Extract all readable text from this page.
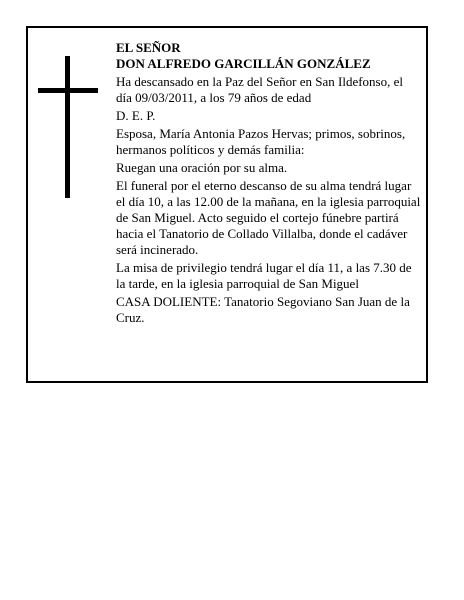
EL SEÑOR

DON ALFREDO GARCILLÁN GONZÁLEZ

Ha descansado en la Paz del Señor en San Ildefonso, el día 09/03/2011, a los 79 años de edad

D. E. P.

Esposa, María Antonia Pazos Hervas; primos, sobrinos, hermanos políticos y demás familia:

Ruegan una oración por su alma.

El funeral por el eterno descanso de su alma tendrá lugar el día 10, a las 12.00 de la mañana, en la iglesia parroquial de San Miguel. Acto seguido el cortejo fúnebre partirá hacia el Tanatorio de Collado Villalba, donde el cadáver será incinerado.

La misa de privilegio tendrá lugar el día 11, a las 7.30 de la tarde, en la iglesia parroquial de San Miguel

CASA DOLIENTE: Tanatorio Segoviano San Juan de la Cruz.
